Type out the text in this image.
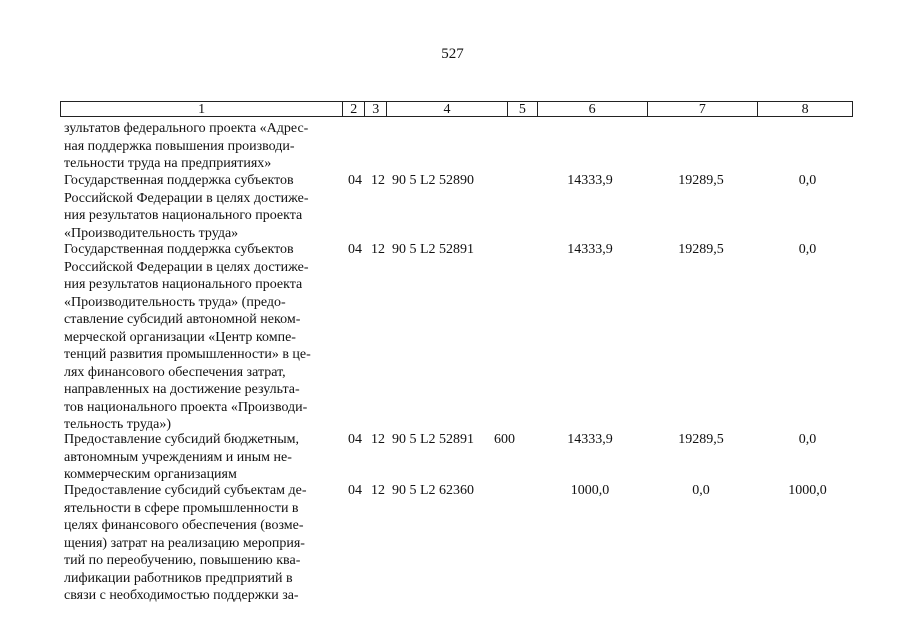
527
1	2	3	4	5	6	7	8
зультатов федерального проекта «Адрес-
ная поддержка повышения производи-
тельности труда на предприятиях»
Государственная поддержка субъектов
Российской Федерации в целях достиже-
ния результатов национального проекта
«Производительность труда»
04 12 90 5 L2 52890	14333,9	19289,5	0,0
Государственная поддержка субъектов
Российской Федерации в целях достиже-
ния результатов национального проекта
«Производительность труда» (предо-
ставление субсидий автономной неком-
мерческой организации «Центр компе-
тенций развития промышленности» в це-
лях финансового обеспечения затрат,
направленных на достижение результа-
тов национального проекта «Производи-
тельность труда»)
04 12 90 5 L2 52891	14333,9	19289,5	0,0
Предоставление субсидий бюджетным,
автономным учреждениям и иным не-
коммерческим организациям
04 12 90 5 L2 52891 600	14333,9	19289,5	0,0
Предоставление субсидий субъектам де-
ятельности в сфере промышленности в
целях финансового обеспечения (возме-
щения) затрат на реализацию мероприя-
тий по переобучению, повышению ква-
лификации работников предприятий в
связи с необходимостью поддержки за-
04 12 90 5 L2 62360	1000,0	0,0	1000,0
